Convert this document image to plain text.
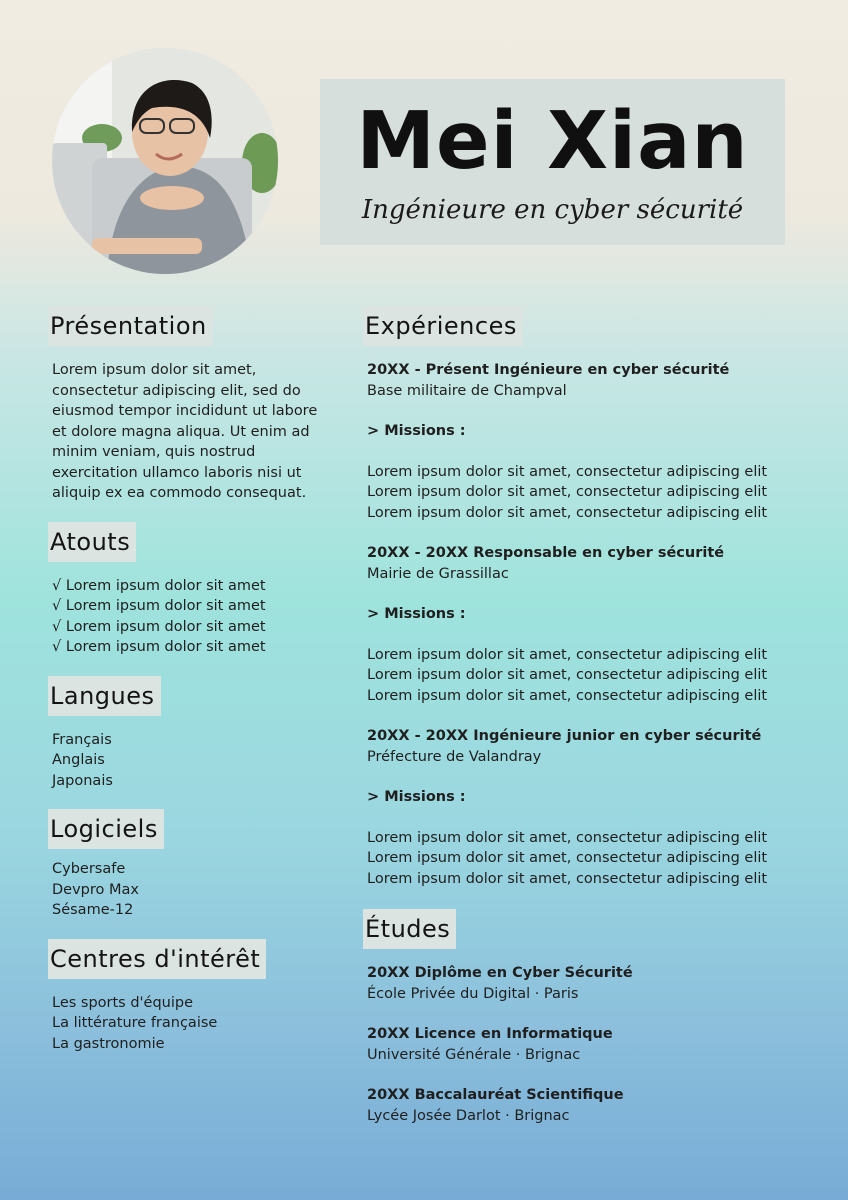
Mei Xian
Ingénieure en cyber sécurité
Présentation
Lorem ipsum dolor sit amet,
consectetur adipiscing elit, sed do
eiusmod tempor incididunt ut labore
et dolore magna aliqua. Ut enim ad
minim veniam, quis nostrud
exercitation ullamco laboris nisi ut
aliquip ex ea commodo consequat.
Atouts
√ Lorem ipsum dolor sit amet
√ Lorem ipsum dolor sit amet
√ Lorem ipsum dolor sit amet
√ Lorem ipsum dolor sit amet
Langues
Français
Anglais
Japonais
Logiciels
Cybersafe
Devpro Max
Sésame-12
Centres d'intérêt
Les sports d'équipe
La littérature française
La gastronomie
Expériences
20XX - Présent Ingénieure en cyber sécurité
Base militaire de Champval
> Missions :
Lorem ipsum dolor sit amet, consectetur adipiscing elit
Lorem ipsum dolor sit amet, consectetur adipiscing elit
Lorem ipsum dolor sit amet, consectetur adipiscing elit
20XX - 20XX Responsable en cyber sécurité
Mairie de Grassillac
> Missions :
Lorem ipsum dolor sit amet, consectetur adipiscing elit
Lorem ipsum dolor sit amet, consectetur adipiscing elit
Lorem ipsum dolor sit amet, consectetur adipiscing elit
20XX - 20XX Ingénieure junior en cyber sécurité
Préfecture de Valandray
> Missions :
Lorem ipsum dolor sit amet, consectetur adipiscing elit
Lorem ipsum dolor sit amet, consectetur adipiscing elit
Lorem ipsum dolor sit amet, consectetur adipiscing elit
Études
20XX Diplôme en Cyber Sécurité
École Privée du Digital · Paris
20XX Licence en Informatique
Université Générale · Brignac
20XX Baccalauréat Scientifique
Lycée Josée Darlot · Brignac
